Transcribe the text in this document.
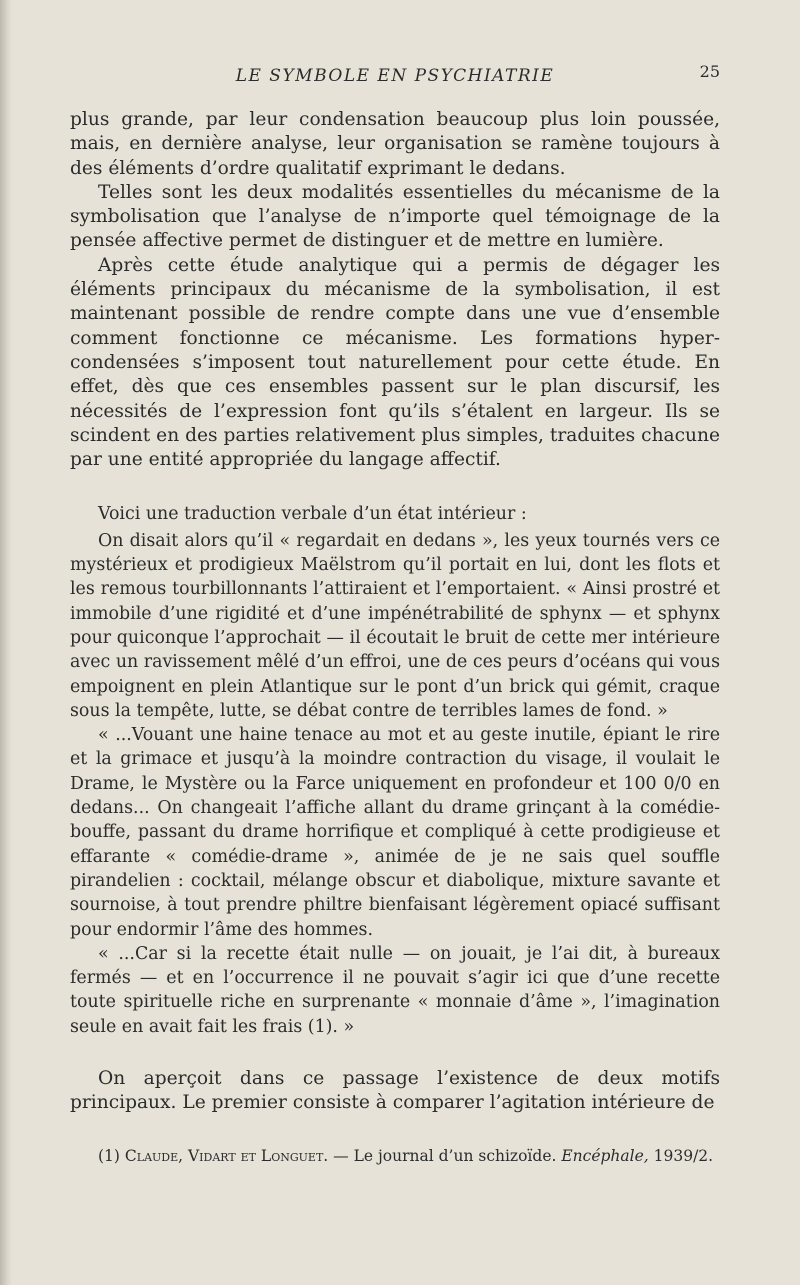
LE SYMBOLE EN PSYCHIATRIE	25

plus grande, par leur condensation beaucoup plus loin poussée, mais, en dernière analyse, leur organisation se ramène toujours à des éléments d’ordre qualitatif exprimant le dedans.

Telles sont les deux modalités essentielles du mécanisme de la symbolisation que l’analyse de n’importe quel témoignage de la pensée affective permet de distinguer et de mettre en lumière.

Après cette étude analytique qui a permis de dégager les éléments principaux du mécanisme de la symbolisation, il est maintenant possible de rendre compte dans une vue d’ensemble comment fonctionne ce mécanisme. Les formations hyper-condensées s’imposent tout naturellement pour cette étude. En effet, dès que ces ensembles passent sur le plan discursif, les nécessités de l’expression font qu’ils s’étalent en largeur. Ils se scindent en des parties relativement plus simples, traduites chacune par une entité appropriée du langage affectif.

Voici une traduction verbale d’un état intérieur :

On disait alors qu’il « regardait en dedans », les yeux tournés vers ce mystérieux et prodigieux Maëlstrom qu’il portait en lui, dont les flots et les remous tourbillonnants l’attiraient et l’emportaient. « Ainsi prostré et immobile d’une rigidité et d’une impénétrabilité de sphynx — et sphynx pour quiconque l’approchait — il écoutait le bruit de cette mer intérieure avec un ravissement mêlé d’un effroi, une de ces peurs d’océans qui vous empoignent en plein Atlantique sur le pont d’un brick qui gémit, craque sous la tempête, lutte, se débat contre de terribles lames de fond. »

« ...Vouant une haine tenace au mot et au geste inutile, épiant le rire et la grimace et jusqu’à la moindre contraction du visage, il voulait le Drame, le Mystère ou la Farce uniquement en profondeur et 100 0/0 en dedans... On changeait l’affiche allant du drame grinçant à la comédie-bouffe, passant du drame horrifique et compliqué à cette prodigieuse et effarante « comédie-drame », animée de je ne sais quel souffle pirandelien : cocktail, mélange obscur et diabolique, mixture savante et sournoise, à tout prendre philtre bienfaisant légèrement opiacé suffisant pour endormir l’âme des hommes.

« ...Car si la recette était nulle — on jouait, je l’ai dit, à bureaux fermés — et en l’occurrence il ne pouvait s’agir ici que d’une recette toute spirituelle riche en surprenante « monnaie d’âme », l’imagination seule en avait fait les frais (1). »

On aperçoit dans ce passage l’existence de deux motifs principaux. Le premier consiste à comparer l’agitation intérieure de

(1) Claude, Vidart et Longuet. — Le journal d’un schizoïde. Encéphale, 1939/2.
